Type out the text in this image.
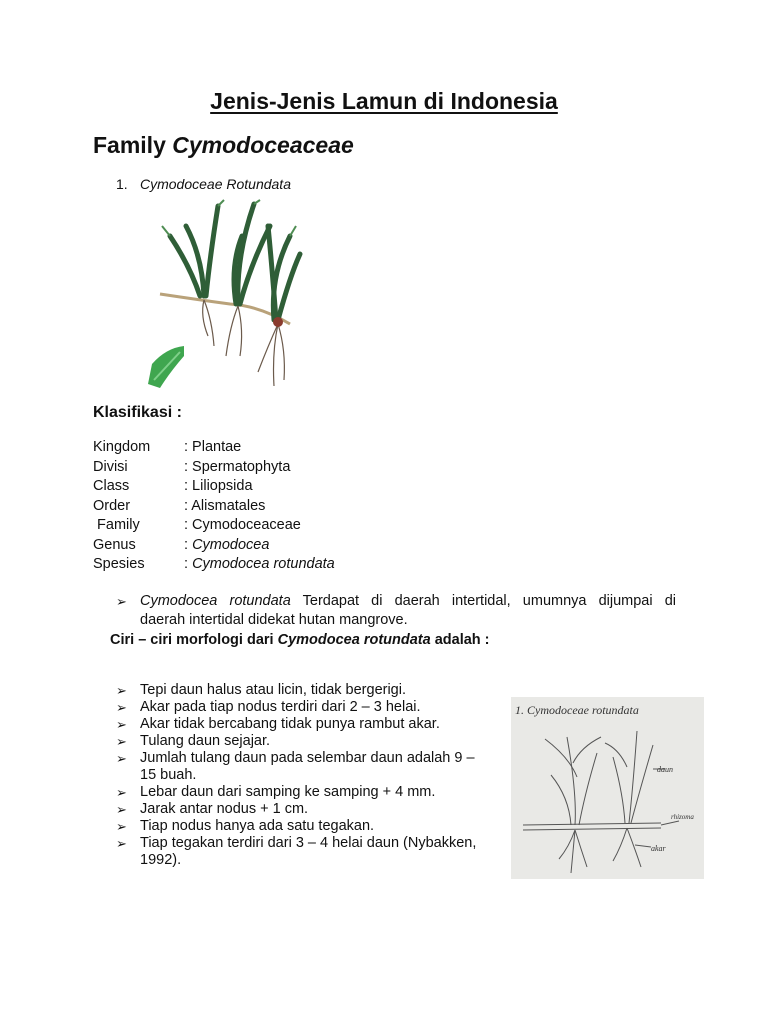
Jenis-Jenis Lamun di Indonesia
Family Cymodoceaceae
1. Cymodoceae Rotundata
Klasifikasi :
Kingdom : Plantae
Divisi	: Spermatophyta
Class	: Liliopsida
Order	: Alismatales
Family	: Cymodoceaceae
Genus	: Cymodocea
Spesies	: Cymodocea rotundata
➢ Cymodocea rotundata Terdapat di daerah intertidal, umumnya dijumpai di
daerah intertidal didekat hutan mangrove.
Ciri – ciri morfologi dari Cymodocea rotundata adalah :
➢ Tepi daun halus atau licin, tidak bergerigi.
➢ Akar pada tiap nodus terdiri dari 2 – 3 helai.
➢ Akar tidak bercabang tidak punya rambut akar.
➢ Tulang daun sejajar.
➢ Jumlah tulang daun pada selembar daun adalah 9 – 15 buah.
➢ Lebar daun dari samping ke samping + 4 mm.
➢ Jarak antar nodus + 1 cm.
➢ Tiap nodus hanya ada satu tegakan.
➢ Tiap tegakan terdiri dari 3 – 4 helai daun (Nybakken, 1992).
1. Cymodoceae rotundata
daun
rhizoma
akar
